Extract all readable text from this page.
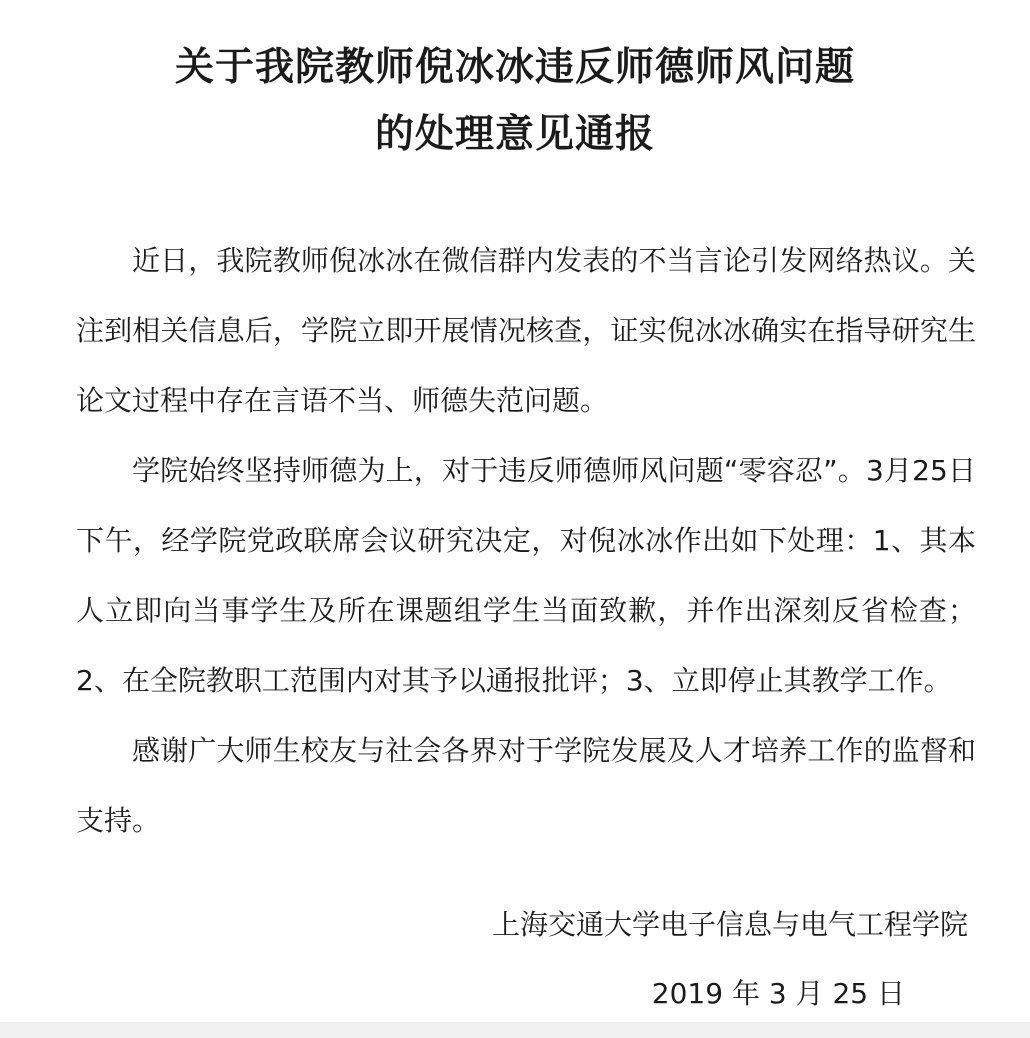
关于我院教师倪冰冰违反师德师风问题
的处理意见通报

近日，我院教师倪冰冰在微信群内发表的不当言论引发网络热议。关注到相关信息后，学院立即开展情况核查，证实倪冰冰确实在指导研究生论文过程中存在言语不当、师德失范问题。

学院始终坚持师德为上，对于违反师德师风问题“零容忍”。3月25日下午，经学院党政联席会议研究决定，对倪冰冰作出如下处理：1、其本人立即向当事学生及所在课题组学生当面致歉，并作出深刻反省检查；2、在全院教职工范围内对其予以通报批评；3、立即停止其教学工作。

感谢广大师生校友与社会各界对于学院发展及人才培养工作的监督和支持。

上海交通大学电子信息与电气工程学院
2019 年 3 月 25 日
